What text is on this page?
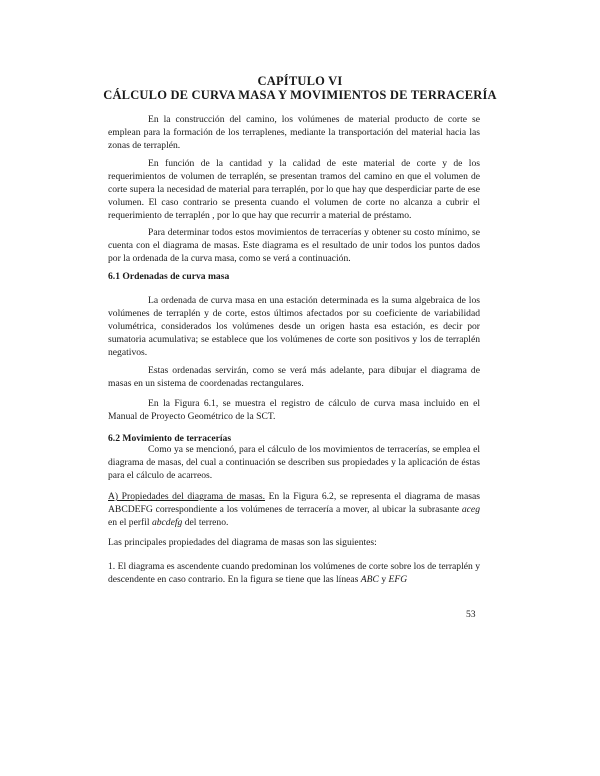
CAPÍTULO VI
CÁLCULO DE CURVA MASA Y MOVIMIENTOS DE TERRACERÍA

En la construcción del camino, los volúmenes de material producto de corte se emplean para la formación de los terraplenes, mediante la transportación del material hacia las zonas de terraplén.

En función de la cantidad y la calidad de este material de corte y de los requerimientos de volumen de terraplén, se presentan tramos del camino en que el volumen de corte supera la necesidad de material para terraplén, por lo que hay que desperdiciar parte de ese volumen. El caso contrario se presenta cuando el volumen de corte no alcanza a cubrir el requerimiento de terraplén , por lo que hay que recurrir a material de préstamo.

Para determinar todos estos movimientos de terracerías y obtener su costo mínimo, se cuenta con el diagrama de masas. Este diagrama es el resultado de unir todos los puntos dados por la ordenada de la curva masa, como se verá a continuación.

6.1 Ordenadas de curva masa

La ordenada de curva masa en una estación determinada es la suma algebraica de los volúmenes de terraplén y de corte, estos últimos afectados por su coeficiente de variabilidad volumétrica, considerados los volúmenes desde un origen hasta esa estación, es decir por sumatoria acumulativa; se establece que los volúmenes de corte son positivos y los de terraplén negativos.

Estas ordenadas servirán, como se verá más adelante, para dibujar el diagrama de masas en un sistema de coordenadas rectangulares.

En la Figura 6.1, se muestra el registro de cálculo de curva masa incluido en el Manual de Proyecto Geométrico de la SCT.

6.2 Movimiento de terracerías

Como ya se mencionó, para el cálculo de los movimientos de terracerías, se emplea el diagrama de masas, del cual a continuación se describen sus propiedades y la aplicación de éstas para el cálculo de acarreos.

A) Propiedades del diagrama de masas. En la Figura 6.2, se representa el diagrama de masas ABCDEFG correspondiente a los volúmenes de terracería a mover, al ubicar la subrasante aceg en el perfil abcdefg del terreno.

Las principales propiedades del diagrama de masas son las siguientes:

1. El diagrama es ascendente cuando predominan los volúmenes de corte sobre los de terraplén y descendente en caso contrario. En la figura se tiene que las líneas ABC y EFG

53
